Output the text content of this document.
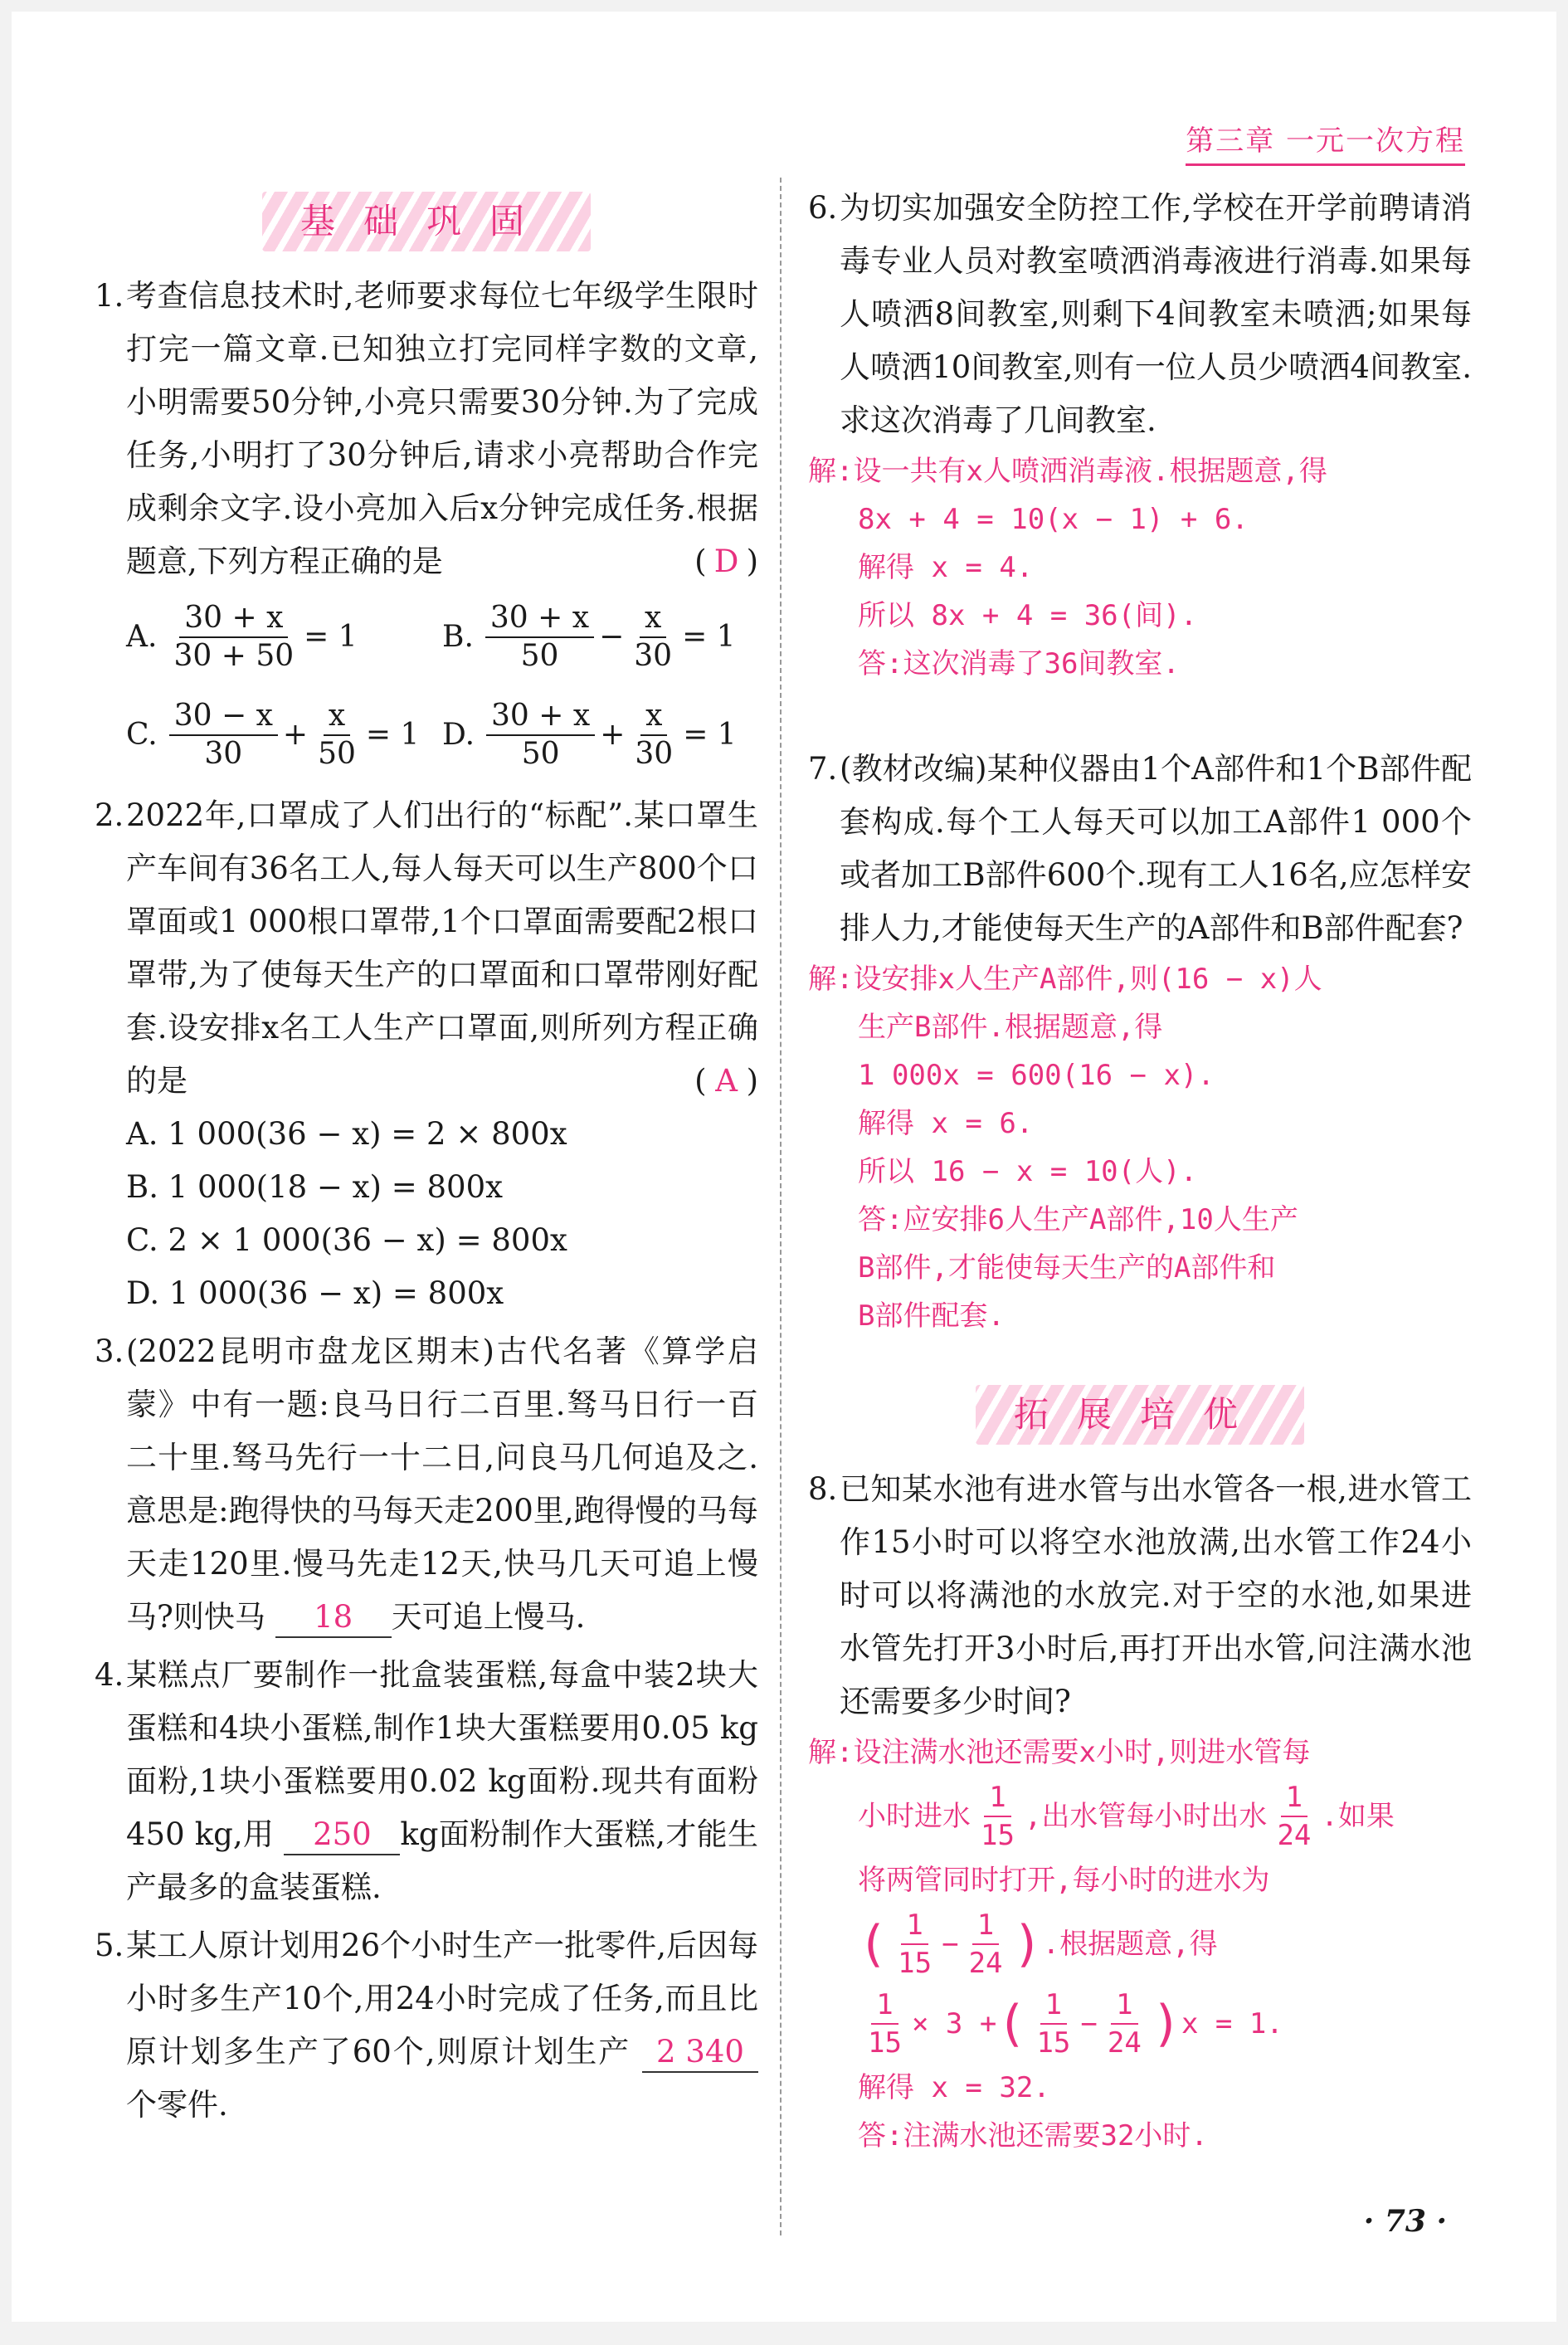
第三章 一元一次方程
基础巩固
1. 考查信息技术时,老师要求每位七年级学生限时打完一篇文章.已知独立打完同样字数的文章,小明需要50分钟,小亮只需要30分钟.为了完成任务,小明打了30分钟后,请求小亮帮助合作完成剩余文字.设小亮加入后x分钟完成任务.根据题意,下列方程正确的是	( D )
A. $\frac{30 + x}{30 + 50} = 1$	B. $\frac{30 + x}{50} - \frac{x}{30} = 1$
C. $\frac{30 - x}{30} + \frac{x}{50} = 1$ D. $\frac{30 + x}{50} + \frac{x}{30} = 1$
2. 2022年,口罩成了人们出行的“标配”.某口罩生产车间有36名工人,每人每天可以生产800个口罩面或1 000根口罩带,1个口罩面需要配2根口罩带,为了使每天生产的口罩面和口罩带刚好配套.设安排x名工人生产口罩面,则所列方程正确的是	( A )
A. 1 000(36 − x) = 2 × 800x
B. 1 000(18 − x) = 800x
C. 2 × 1 000(36 − x) = 800x
D. 1 000(36 − x) = 800x
3. (2022昆明市盘龙区期末)古代名著《算学启蒙》中有一题:良马日行二百里.驽马日行一百二十里.驽马先行一十二日,问良马几何追及之.意思是:跑得快的马每天走200里,跑得慢的马每天走120里.慢马先走12天,快马几天可追上慢马?则快马 18 天可追上慢马.
4. 某糕点厂要制作一批盒装蛋糕,每盒中装2块大蛋糕和4块小蛋糕,制作1块大蛋糕要用0.05 kg面粉,1块小蛋糕要用0.02 kg面粉.现共有面粉450 kg,用 250 kg面粉制作大蛋糕,才能生产最多的盒装蛋糕.
5. 某工人原计划用26个小时生产一批零件,后因每小时多生产10个,用24小时完成了任务,而且比原计划多生产了60个,则原计划生产 2 340个零件.
6. 为切实加强安全防控工作,学校在开学前聘请消毒专业人员对教室喷洒消毒液进行消毒.如果每人喷洒8间教室,则剩下4间教室未喷洒;如果每人喷洒10间教室,则有一位人员少喷洒4间教室.求这次消毒了几间教室.
解:设一共有x人喷洒消毒液.根据题意,得
8x + 4 = 10(x − 1) + 6.
解得 x = 4.
所以 8x + 4 = 36(间).
答:这次消毒了36间教室.
7. (教材改编)某种仪器由1个A部件和1个B部件配套构成.每个工人每天可以加工A部件1 000个或者加工B部件600个.现有工人16名,应怎样安排人力,才能使每天生产的A部件和B部件配套?
解:设安排x人生产A部件,则(16 − x)人
生产B部件.根据题意,得
1 000x = 600(16 − x).
解得 x = 6.
所以 16 − x = 10(人).
答:应安排6人生产A部件,10人生产
B部件,才能使每天生产的A部件和
B部件配套.
拓展培优
8. 已知某水池有进水管与出水管各一根,进水管工作15小时可以将空水池放满,出水管工作24小时可以将满池的水放完.对于空的水池,如果进水管先打开3小时后,再打开出水管,问注满水池还需要多少时间?
解:设注满水池还需要x小时,则进水管每
小时进水 $\frac{1}{15}$ ,出水管每小时出水 $\frac{1}{24}$ .如果
将两管同时打开,每小时的进水为
( $\frac{1}{15} - \frac{1}{24}$ ) .根据题意,得
$\frac{1}{15} \times 3$ + ( $\frac{1}{15} - \frac{1}{24}$ ) x = 1.
解得 x = 32.
答:注满水池还需要32小时.
· 73 ·
